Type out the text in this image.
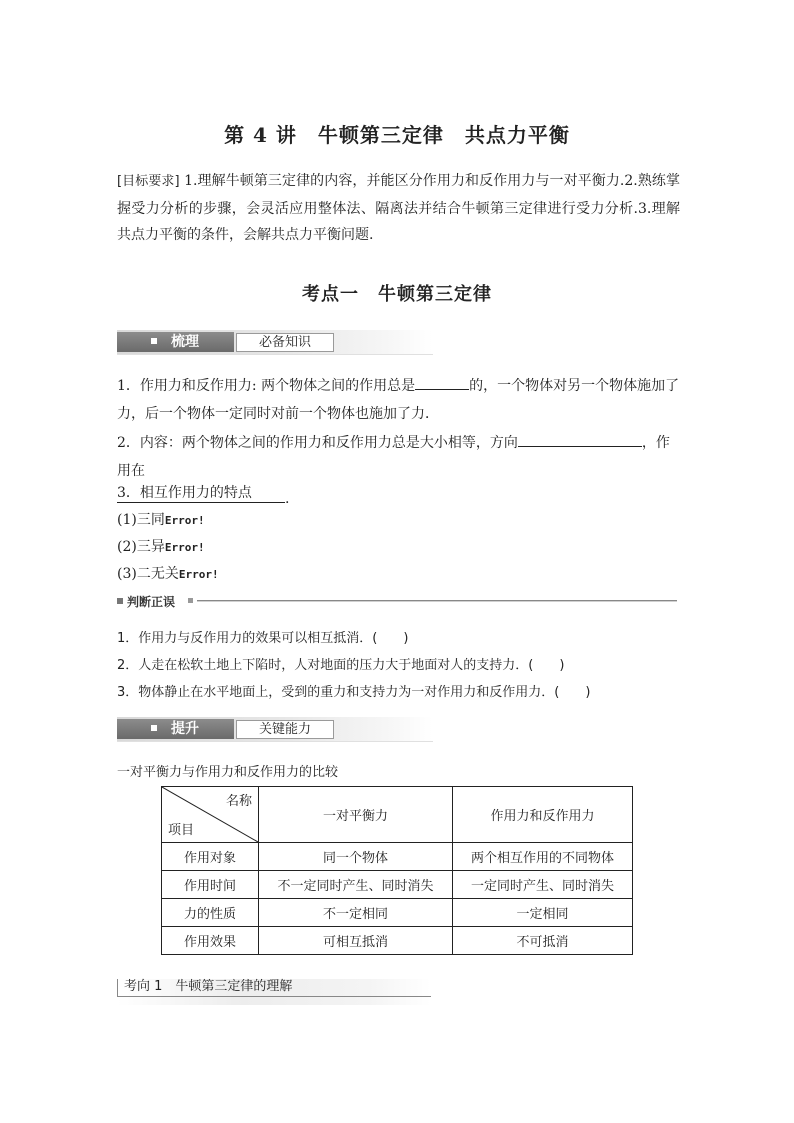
第 4 讲　牛顿第三定律　共点力平衡
[目标要求] 1.理解牛顿第三定律的内容，并能区分作用力和反作用力与一对平衡力.2.熟练掌握受力分析的步骤，会灵活应用整体法、隔离法并结合牛顿第三定律进行受力分析.3.理解共点力平衡的条件，会解共点力平衡问题.
考点一　牛顿第三定律
梳理	必备知识
1．作用力和反作用力: 两个物体之间的作用总是	的，一个物体对另一个物体施加了力，后一个物体一定同时对前一个物体也施加了力．
2．内容：两个物体之间的作用力和反作用力总是大小相等，方向	，作用在
.
3．相互作用力的特点
(1)三同Error!
(2)三异Error!
(3)二无关Error!
判断正误
1．作用力与反作用力的效果可以相互抵消．(　　)
2．人走在松软土地上下陷时，人对地面的压力大于地面对人的支持力．(　　)
3．物体静止在水平地面上，受到的重力和支持力为一对作用力和反作用力．(　　)
提升	关键能力
一对平衡力与作用力和反作用力的比较
名称
项目	一对平衡力	作用力和反作用力
作用对象	同一个物体	两个相互作用的不同物体
作用时间	不一定同时产生、同时消失	一定同时产生、同时消失
力的性质	不一定相同	一定相同
作用效果	可相互抵消	不可抵消
考向 1　牛顿第三定律的理解
